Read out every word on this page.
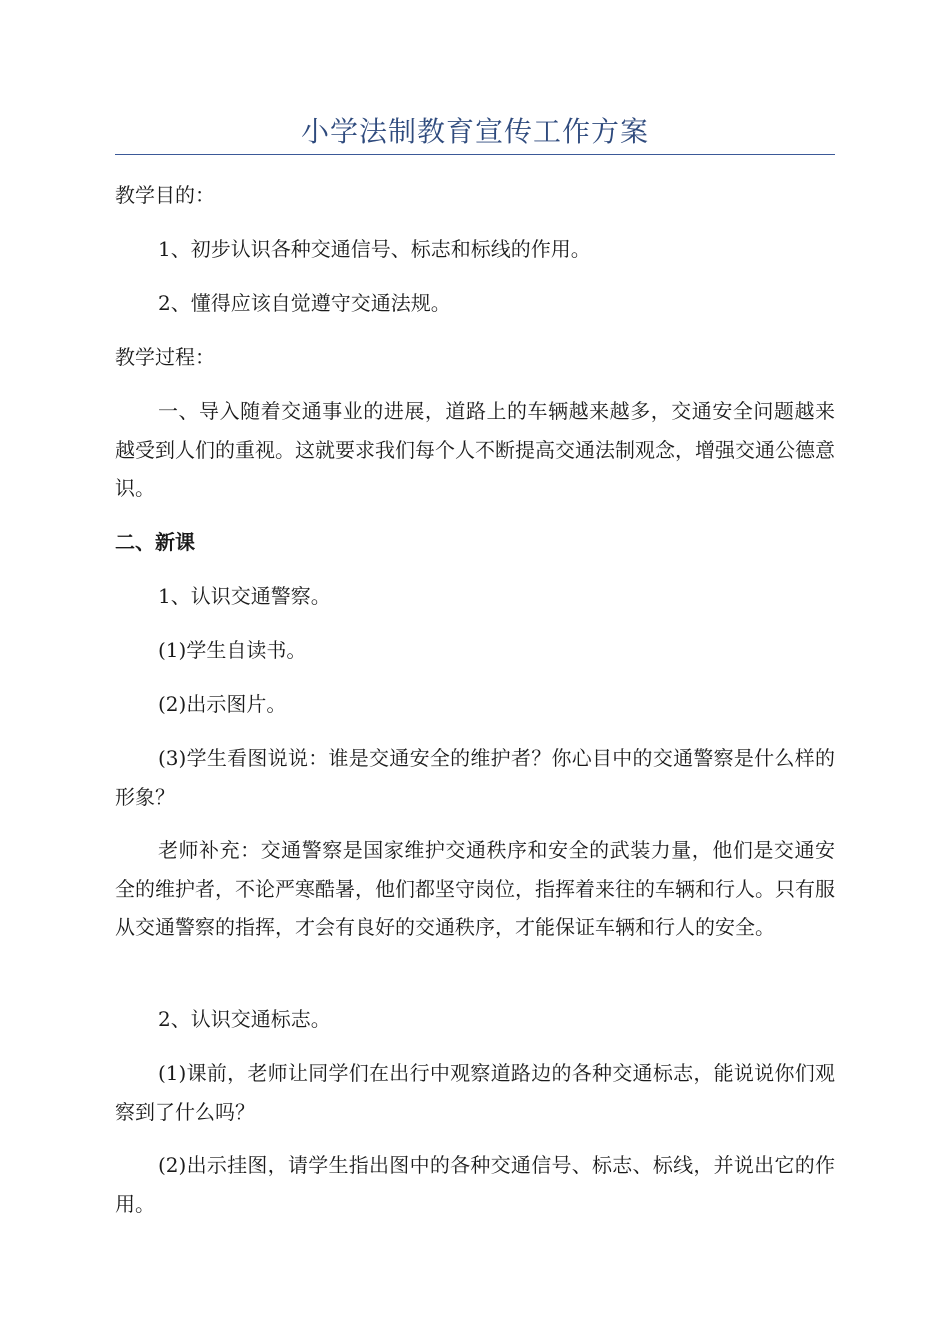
小学法制教育宣传工作方案

教学目的：

1、初步认识各种交通信号、标志和标线的作用。

2、懂得应该自觉遵守交通法规。

教学过程：

一、导入随着交通事业的进展，道路上的车辆越来越多，交通安全问题越来越受到人们的重视。这就要求我们每个人不断提高交通法制观念，增强交通公德意识。

二、新课

1、认识交通警察。

(1)学生自读书。

(2)出示图片。

(3)学生看图说说：谁是交通安全的维护者？你心目中的交通警察是什么样的形象？

老师补充：交通警察是国家维护交通秩序和安全的武装力量，他们是交通安全的维护者，不论严寒酷暑，他们都坚守岗位，指挥着来往的车辆和行人。只有服从交通警察的指挥，才会有良好的交通秩序，才能保证车辆和行人的安全。

2、认识交通标志。

(1)课前，老师让同学们在出行中观察道路边的各种交通标志，能说说你们观察到了什么吗？

(2)出示挂图，请学生指出图中的各种交通信号、标志、标线，并说出它的作用。
